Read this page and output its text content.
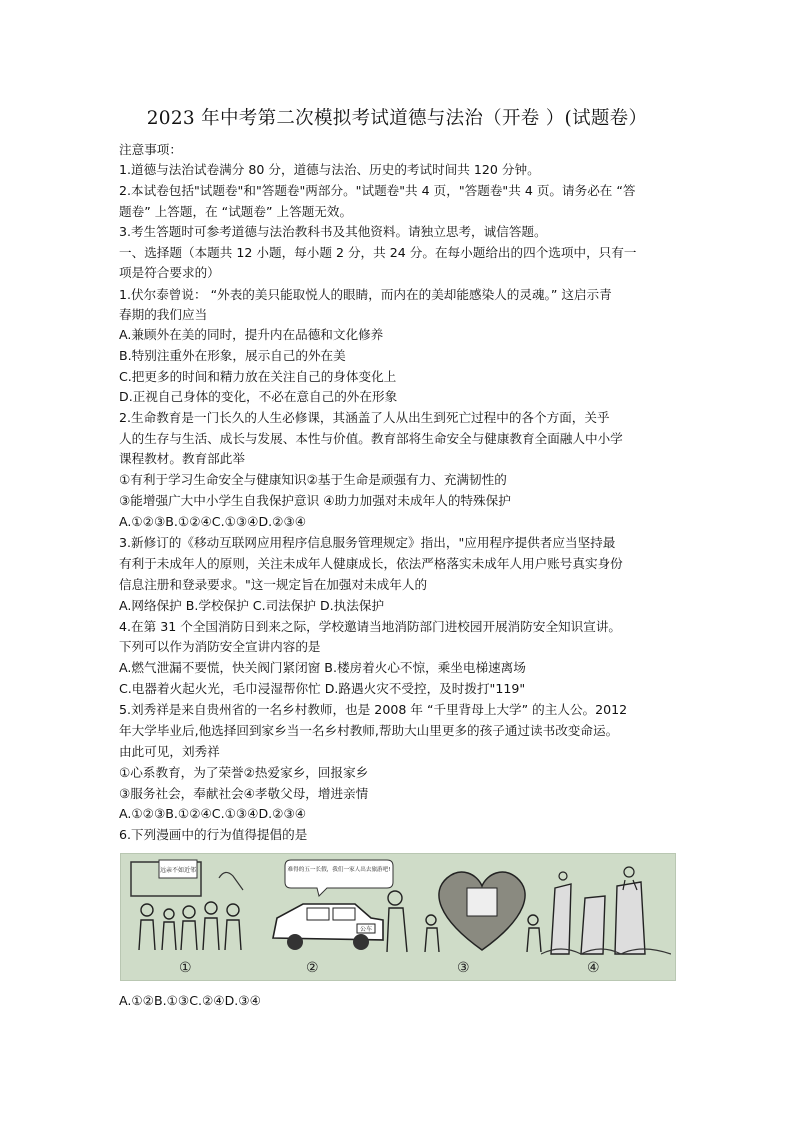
2023 年中考第二次模拟考试道德与法治（开卷 ）(试题卷）
注意事项：
1.道德与法治试卷满分 80 分，道德与法治、历史的考试时间共 120 分钟。
2.本试卷包括"试题卷"和"答题卷"两部分。"试题卷"共 4 页，"答题卷"共 4 页。请务必在 “答
题卷” 上答题，在 “试题卷” 上答题无效。
3.考生答题时可参考道德与法治教科书及其他资料。请独立思考，诚信答题。
一、选择题（本题共 12 小题，每小题 2 分，共 24 分。在每小题给出的四个选项中，只有一
项是符合要求的）
1.伏尔泰曾说： “外表的美只能取悦人的眼睛，而内在的美却能感染人的灵魂。” 这启示青
春期的我们应当
A.兼顾外在美的同时，提升内在品德和文化修养
B.特别注重外在形象，展示自己的外在美
C.把更多的时间和精力放在关注自己的身体变化上
D.正视自己身体的变化，不必在意自己的外在形象
2.生命教育是一门长久的人生必修课，其涵盖了人从出生到死亡过程中的各个方面，关乎
人的生存与生活、成长与发展、本性与价值。教育部将生命安全与健康教育全面融人中小学
课程教材。教育部此举
①有利于学习生命安全与健康知识②基于生命是顽强有力、充满韧性的
③能增强广大中小学生自我保护意识 ④助力加强对未成年人的特殊保护
A.①②③B.①②④C.①③④D.②③④
3.新修订的《移动互联网应用程序信息服务管理规定》指出，"应用程序提供者应当坚持最
有利于未成年人的原则，关注未成年人健康成长，依法严格落实未成年人用户账号真实身份
信息注册和登录要求。"这一规定旨在加强对未成年人的
A.网络保护 B.学校保护 C.司法保护 D.执法保护
4.在第 31 个全国消防日到来之际，学校邀请当地消防部门进校园开展消防安全知识宣讲。
下列可以作为消防安全宣讲内容的是
A.燃气泄漏不要慌，快关阀门紧闭窗 B.楼房着火心不惊，乘坐电梯速离场
C.电器着火起火光，毛巾浸湿帮你忙 D.路遇火灾不受控，及时拨打"119"
5.刘秀祥是来自贵州省的一名乡村教师，也是 2008 年 “千里背母上大学” 的主人公。2012
年大学毕业后,他选择回到家乡当一名乡村教师,帮助大山里更多的孩子通过读书改变命运。
由此可见，刘秀祥
①心系教育，为了荣誉②热爱家乡，回报家乡
③服务社会，奉献社会④孝敬父母，增进亲情
A.①②③B.①②④C.①③④D.②③④
6.下列漫画中的行为值得提倡的是
远亲不如近邻	难得的五一长假，我们一家人出去旅游吧!
公车
①	②	③	④
A.①②B.①③C.②④D.③④
